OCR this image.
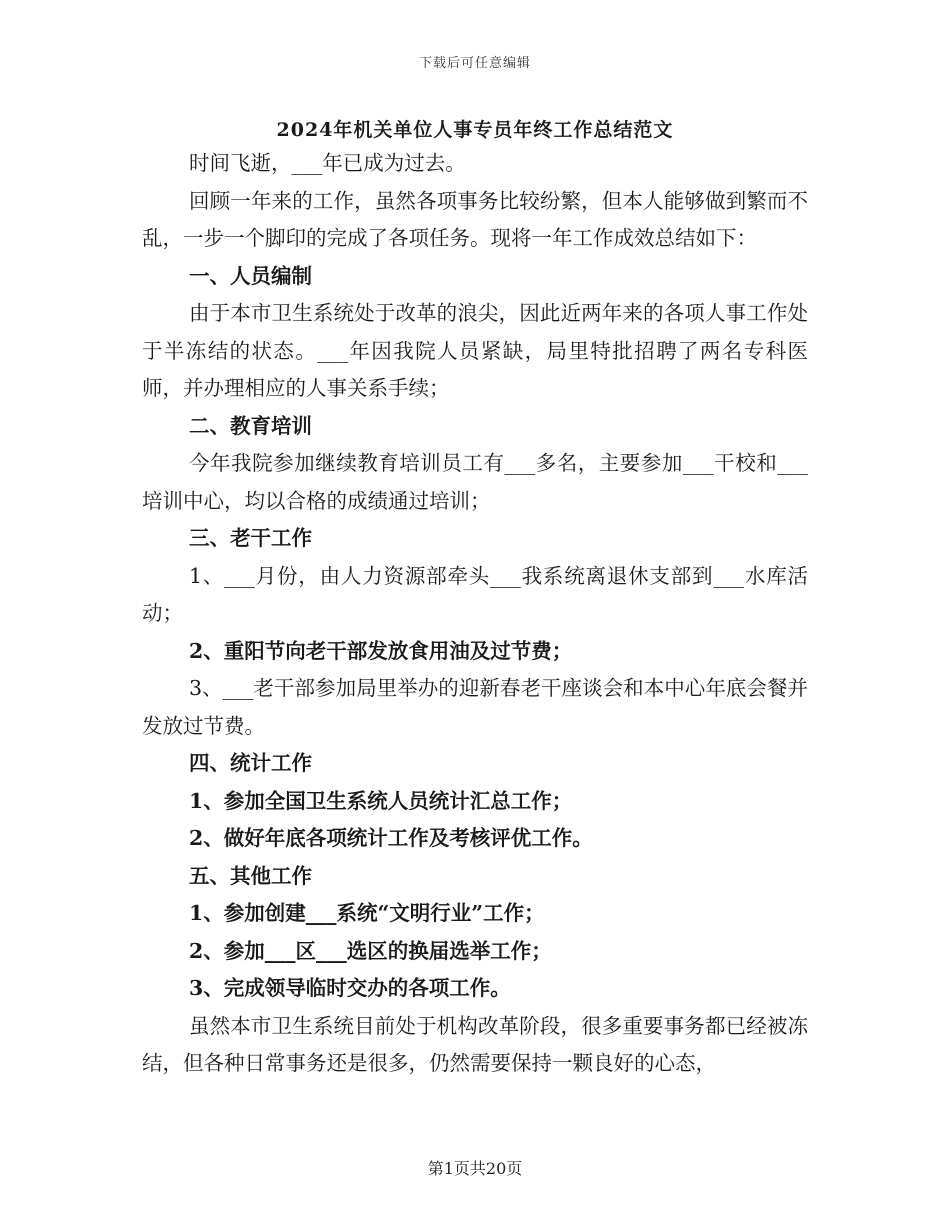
下载后可任意编辑
2024年机关单位人事专员年终工作总结范文

时间飞逝，___年已成为过去。

回顾一年来的工作，虽然各项事务比较纷繁，但本人能够做到繁而不乱，一步一个脚印的完成了各项任务。现将一年工作成效总结如下：

一、人员编制

由于本市卫生系统处于改革的浪尖，因此近两年来的各项人事工作处于半冻结的状态。___年因我院人员紧缺，局里特批招聘了两名专科医师，并办理相应的人事关系手续；

二、教育培训

今年我院参加继续教育培训员工有___多名，主要参加___干校和___培训中心，均以合格的成绩通过培训；

三、老干工作

1、___月份，由人力资源部牵头___我系统离退休支部到___水库活动；

2、重阳节向老干部发放食用油及过节费；

3、___老干部参加局里举办的迎新春老干座谈会和本中心年底会餐并发放过节费。

四、统计工作

1、参加全国卫生系统人员统计汇总工作；

2、做好年底各项统计工作及考核评优工作。

五、其他工作

1、参加创建___系统“文明行业”工作；

2、参加___区___选区的换届选举工作；

3、完成领导临时交办的各项工作。

虽然本市卫生系统目前处于机构改革阶段，很多重要事务都已经被冻结，但各种日常事务还是很多，仍然需要保持一颗良好的心态，

第1页共20页
